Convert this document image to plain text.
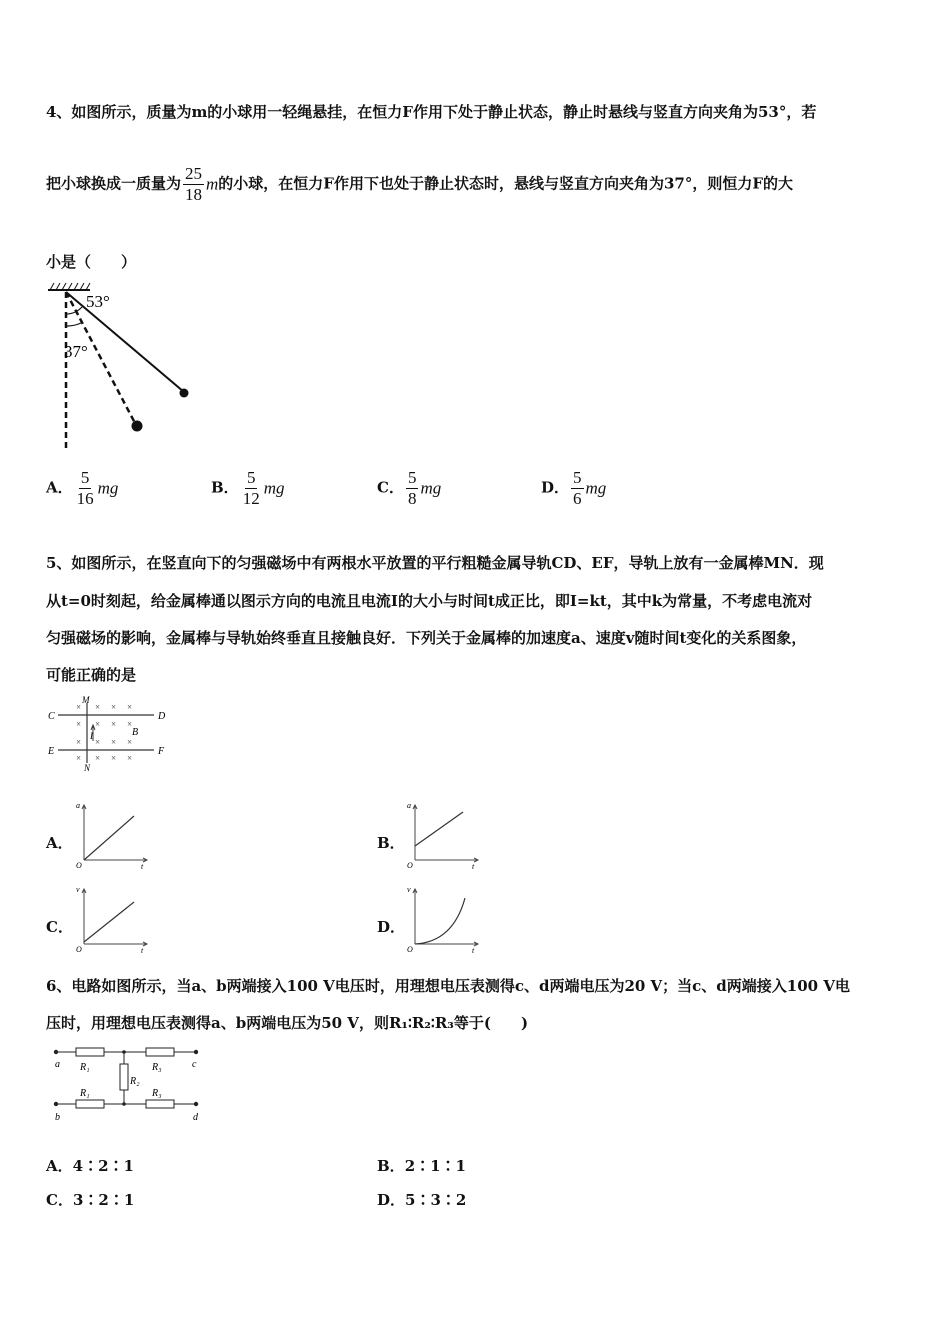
4、如图所示，质量为m的小球用一轻绳悬挂，在恒力F作用下处于静止状态，静止时悬线与竖直方向夹角为53°，若
把小球换成一质量为 $\frac{25}{18}$ m的小球，在恒力F作用下也处于静止状态时，悬线与竖直方向夹角为37°，则恒力F的大
小是（　　）
53°
37°
A． $\frac{5}{16}$ mg	B． $\frac{5}{12}$ mg	C． $\frac{5}{8}$ mg	D． $\frac{5}{6}$ mg
5、如图所示，在竖直向下的匀强磁场中有两根水平放置的平行粗糙金属导轨CD、EF，导轨上放有一金属棒MN．现
从t=0时刻起，给金属棒通以图示方向的电流且电流I的大小与时间t成正比，即I=kt，其中k为常量，不考虑电流对
匀强磁场的影响，金属棒与导轨始终垂直且接触良好．下列关于金属棒的加速度a、速度v随时间t变化的关系图象，
可能正确的是
C	D
E	F
M
N
B
I
× × × ×
× × × ×
× × × ×
× × × ×
A．	B．
C．	D．
a
t
O
a
t
O
v
t
O
v
t
O
6、电路如图所示，当a、b两端接入100 V电压时，用理想电压表测得c、d两端电压为20 V；当c、d两端接入100 V电
压时，用理想电压表测得a、b两端电压为50 V，则R₁∶R₂∶R₃等于(　　)
a
b
c
d
R₁	R₃
R₂
R₁	R₃
A．4∶2∶1	B．2∶1∶1
C．3∶2∶1	D．5∶3∶2
